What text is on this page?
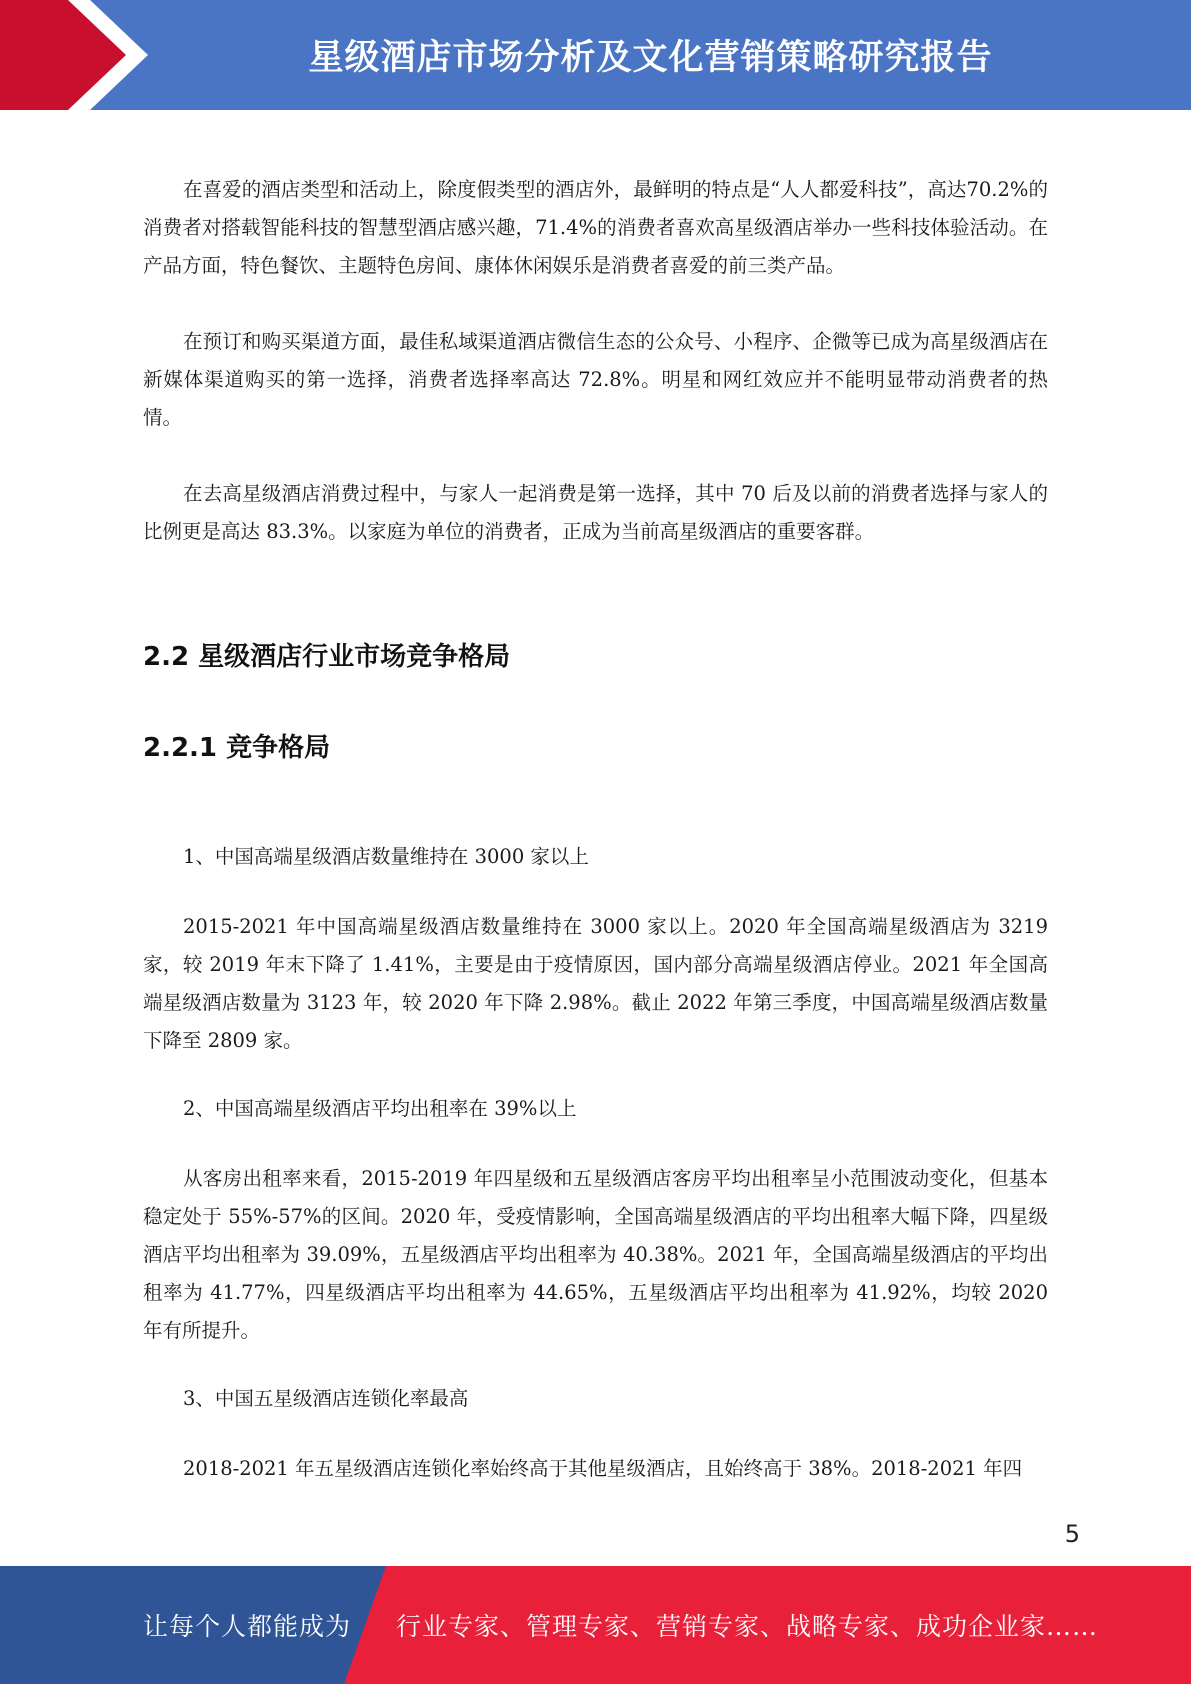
星级酒店市场分析及文化营销策略研究报告

在喜爱的酒店类型和活动上，除度假类型的酒店外，最鲜明的特点是“人人都爱科技”，高达70.2%的消费者对搭载智能科技的智慧型酒店感兴趣，71.4%的消费者喜欢高星级酒店举办一些科技体验活动。在产品方面，特色餐饮、主题特色房间、康体休闲娱乐是消费者喜爱的前三类产品。

在预订和购买渠道方面，最佳私域渠道酒店微信生态的公众号、小程序、企微等已成为高星级酒店在新媒体渠道购买的第一选择，消费者选择率高达 72.8%。明星和网红效应并不能明显带动消费者的热情。

在去高星级酒店消费过程中，与家人一起消费是第一选择，其中 70 后及以前的消费者选择与家人的比例更是高达 83.3%。以家庭为单位的消费者，正成为当前高星级酒店的重要客群。

2.2 星级酒店行业市场竞争格局
2.2.1 竞争格局

1、中国高端星级酒店数量维持在 3000 家以上

2015-2021 年中国高端星级酒店数量维持在 3000 家以上。2020 年全国高端星级酒店为 3219 家，较 2019 年末下降了 1.41%，主要是由于疫情原因，国内部分高端星级酒店停业。2021 年全国高端星级酒店数量为 3123 年，较 2020 年下降 2.98%。截止 2022 年第三季度，中国高端星级酒店数量下降至 2809 家。

2、中国高端星级酒店平均出租率在 39%以上

从客房出租率来看，2015-2019 年四星级和五星级酒店客房平均出租率呈小范围波动变化，但基本稳定处于 55%-57%的区间。2020 年，受疫情影响，全国高端星级酒店的平均出租率大幅下降，四星级酒店平均出租率为 39.09%，五星级酒店平均出租率为 40.38%。2021 年，全国高端星级酒店的平均出租率为 41.77%，四星级酒店平均出租率为 44.65%，五星级酒店平均出租率为 41.92%，均较 2020 年有所提升。

3、中国五星级酒店连锁化率最高

2018-2021 年五星级酒店连锁化率始终高于其他星级酒店，且始终高于 38%。2018-2021 年四

5
让每个人都能成为 行业专家、管理专家、营销专家、战略专家、成功企业家……
